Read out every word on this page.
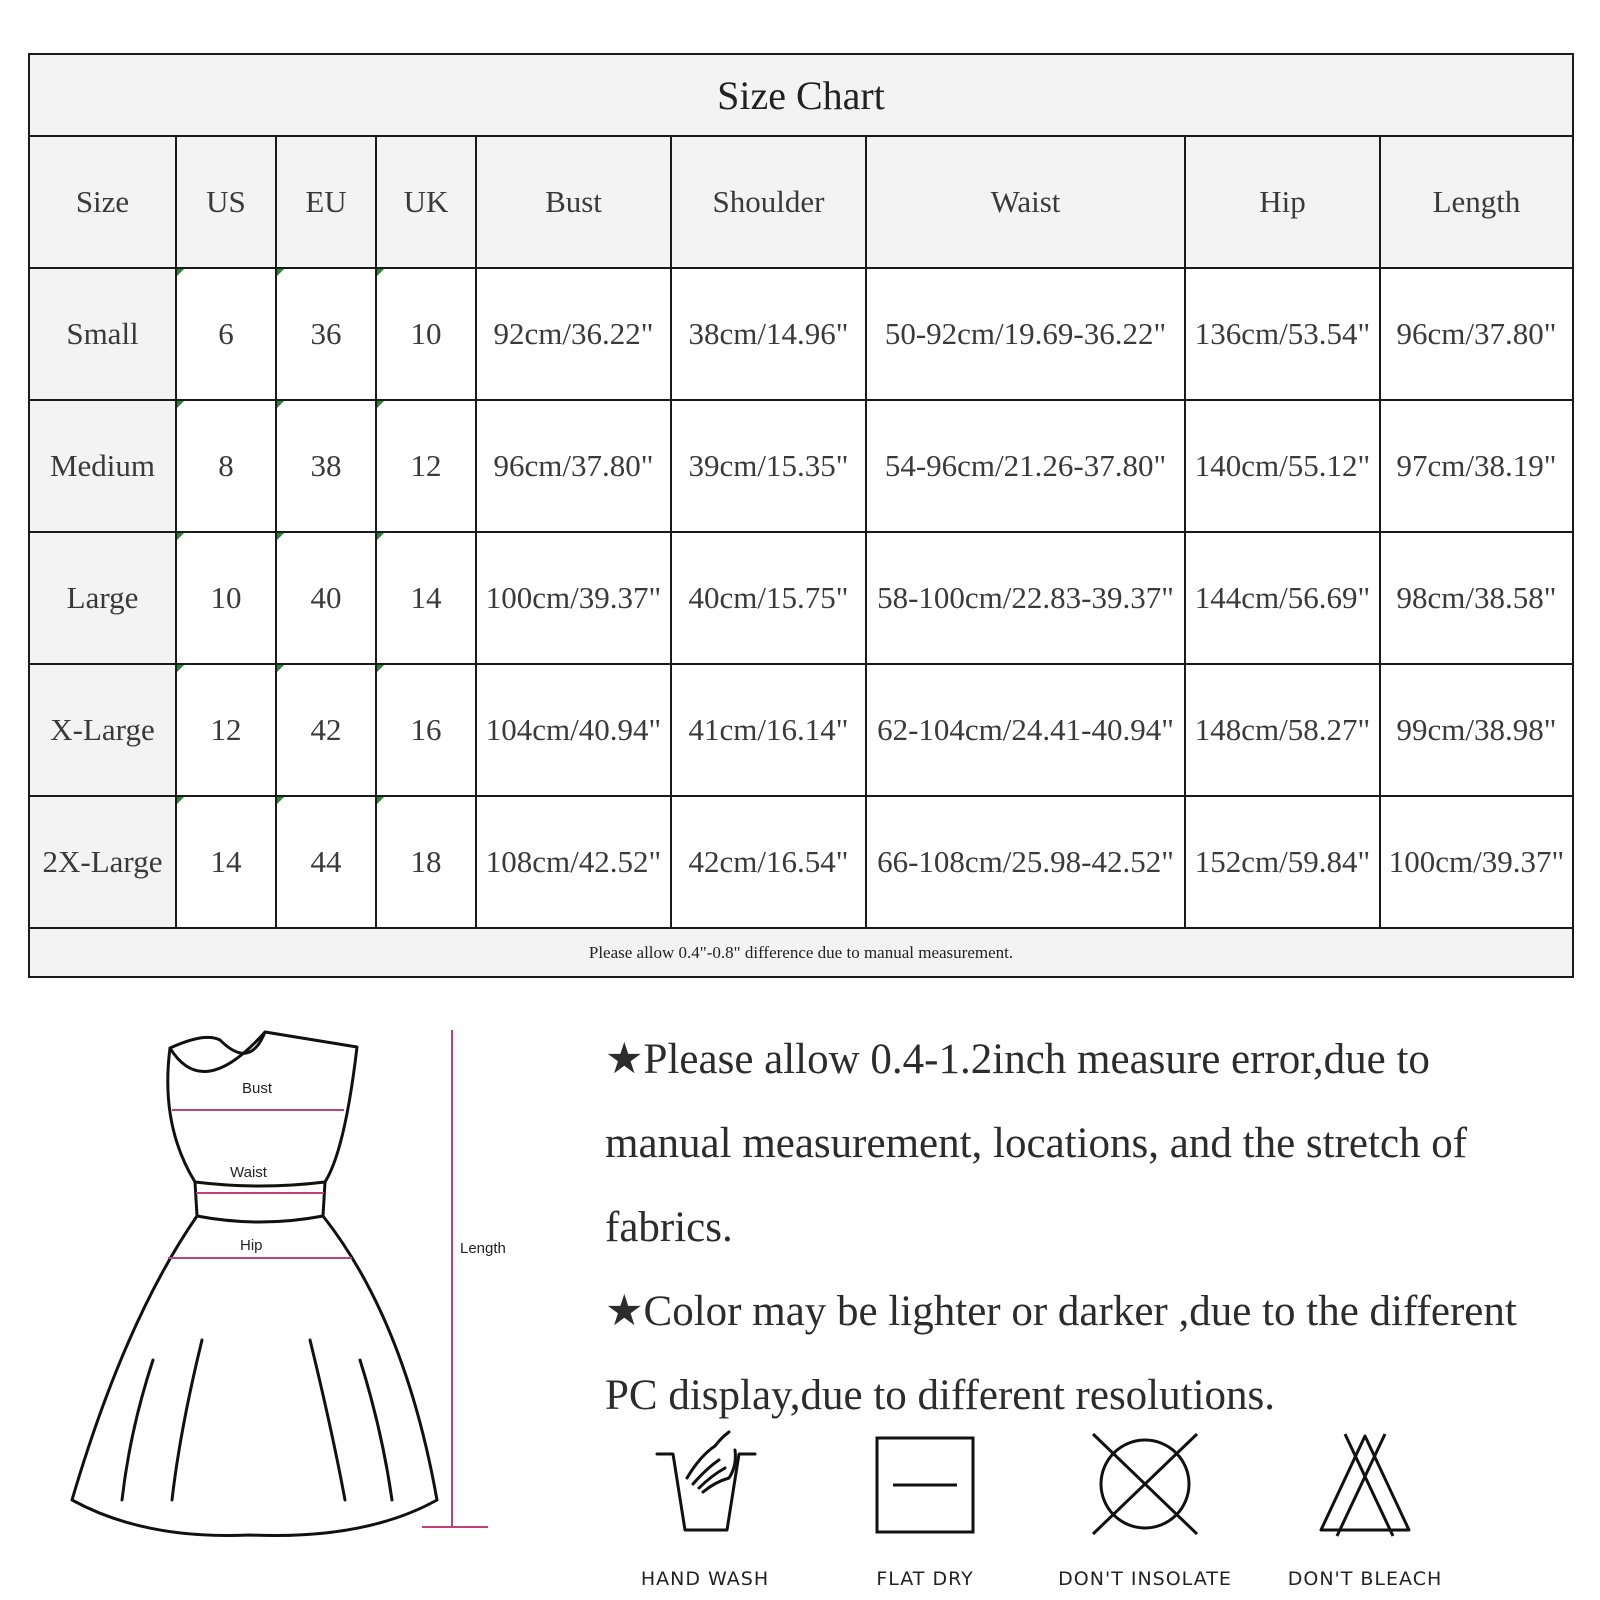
Size Chart								
Size	US	EU	UK	Bust	Shoulder	Waist	Hip	Length
Small	6	36	10	92cm/36.22"	38cm/14.96"	50-92cm/19.69-36.22"	136cm/53.54"	96cm/37.80"
Medium	8	38	12	96cm/37.80"	39cm/15.35"	54-96cm/21.26-37.80"	140cm/55.12"	97cm/38.19"
Large	10	40	14	100cm/39.37"	40cm/15.75"	58-100cm/22.83-39.37"	144cm/56.69"	98cm/38.58"
X-Large	12	42	16	104cm/40.94"	41cm/16.14"	62-104cm/24.41-40.94"	148cm/58.27"	99cm/38.98"
2X-Large	14	44	18	108cm/42.52"	42cm/16.54"	66-108cm/25.98-42.52"	152cm/59.84"	100cm/39.37"
Please allow 0.4"-0.8" difference due to manual measurement.								
Bust
Waist
Hip	Length

★Please allow 0.4-1.2inch measure error,due to manual measurement, locations, and the stretch of fabrics.

★Color may be lighter or darker ,due to the different PC display,due to different resolutions.

HAND WASH	FLAT DRY	DON'T INSOLATE	DON'T BLEACH
